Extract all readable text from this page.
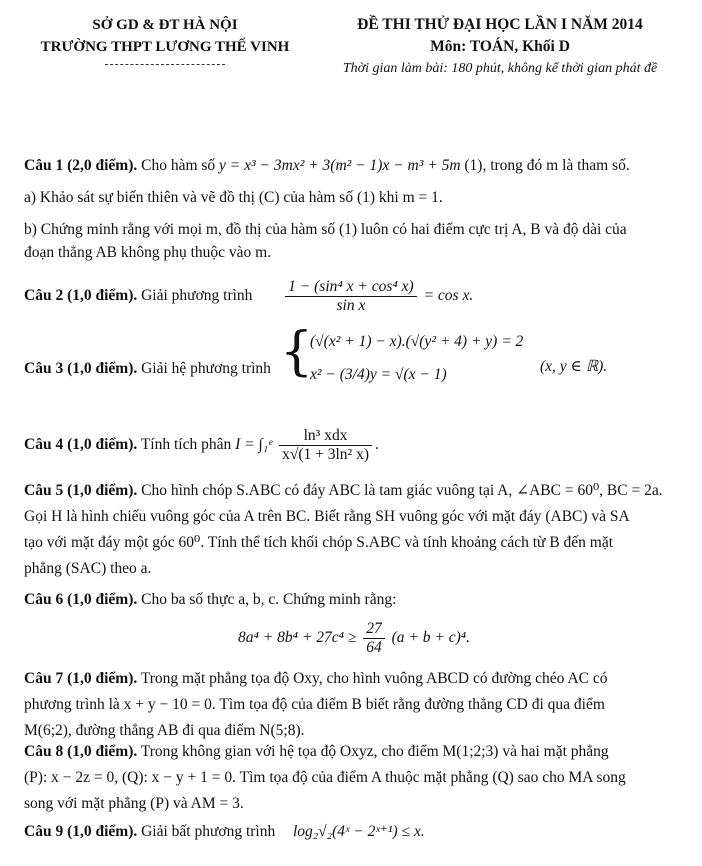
SỞ GD & ĐT HÀ NỘI
TRƯỜNG THPT LƯƠNG THẾ VINH
ĐỀ THI THỬ ĐẠI HỌC LẦN I NĂM 2014
Môn: TOÁN, Khối D
Thời gian làm bài: 180 phút, không kể thời gian phát đề
Câu 1 (2,0 điểm). Cho hàm số y = x³ − 3mx² + 3(m² − 1)x − m³ + 5m (1), trong đó m là tham số.
a) Khảo sát sự biến thiên và vẽ đồ thị (C) của hàm số (1) khi m = 1.
b) Chứng minh rằng với mọi m, đồ thị của hàm số (1) luôn có hai điểm cực trị A, B và độ dài của
đoạn thẳng AB không phụ thuộc vào m.
Câu 2 (1,0 điểm). Giải phương trình $\frac{\text{1 − (sin⁴ x + cos⁴ x)}}{\text{sin x}} = \cos x$.
Câu 3 (1,0 điểm). Giải hệ phương trình {
(√(x² + 1) − x).(√(y² + 4) + y) = 2
x² − (3/4)y = √(x − 1)	(x, y ∈ ℝ).
Câu 4 (1,0 điểm). Tính tích phân I = ∫₁ᵉ $\frac{\text{ln³ xdx}}{\text{x√(1 + 3ln² x)}}$ .
Câu 5 (1,0 điểm). Cho hình chóp S.ABC có đáy ABC là tam giác vuông tại A, ∠ABC = 60⁰, BC = 2a.
Gọi H là hình chiếu vuông góc của A trên BC. Biết rằng SH vuông góc với mặt đáy (ABC) và SA
tạo với mặt đáy một góc 60⁰. Tính thể tích khối chóp S.ABC và tính khoảng cách từ B đến mặt
phẳng (SAC) theo a.
Câu 6 (1,0 điểm). Cho ba số thực a, b, c. Chứng minh rằng:
$8a^4 + 8b^4 + 27c^4 \ge \frac{27}{64} (a + b + c)^4$.
Câu 7 (1,0 điểm). Trong mặt phẳng tọa độ Oxy, cho hình vuông ABCD có đường chéo AC có
phương trình là x + y − 10 = 0. Tìm tọa độ của điểm B biết rằng đường thẳng CD đi qua điểm
M(6;2), đường thẳng AB đi qua điểm N(5;8).
Câu 8 (1,0 điểm). Trong không gian với hệ tọa độ Oxyz, cho điểm M(1;2;3) và hai mặt phẳng
(P): x − 2z = 0, (Q): x − y + 1 = 0. Tìm tọa độ của điểm A thuộc mặt phẳng (Q) sao cho MA song
song với mặt phẳng (P) và AM = 3.
Câu 9 (1,0 điểm). Giải bất phương trình log₂√₂(4ˣ − 2ˣ⁺¹) ≤ x.
